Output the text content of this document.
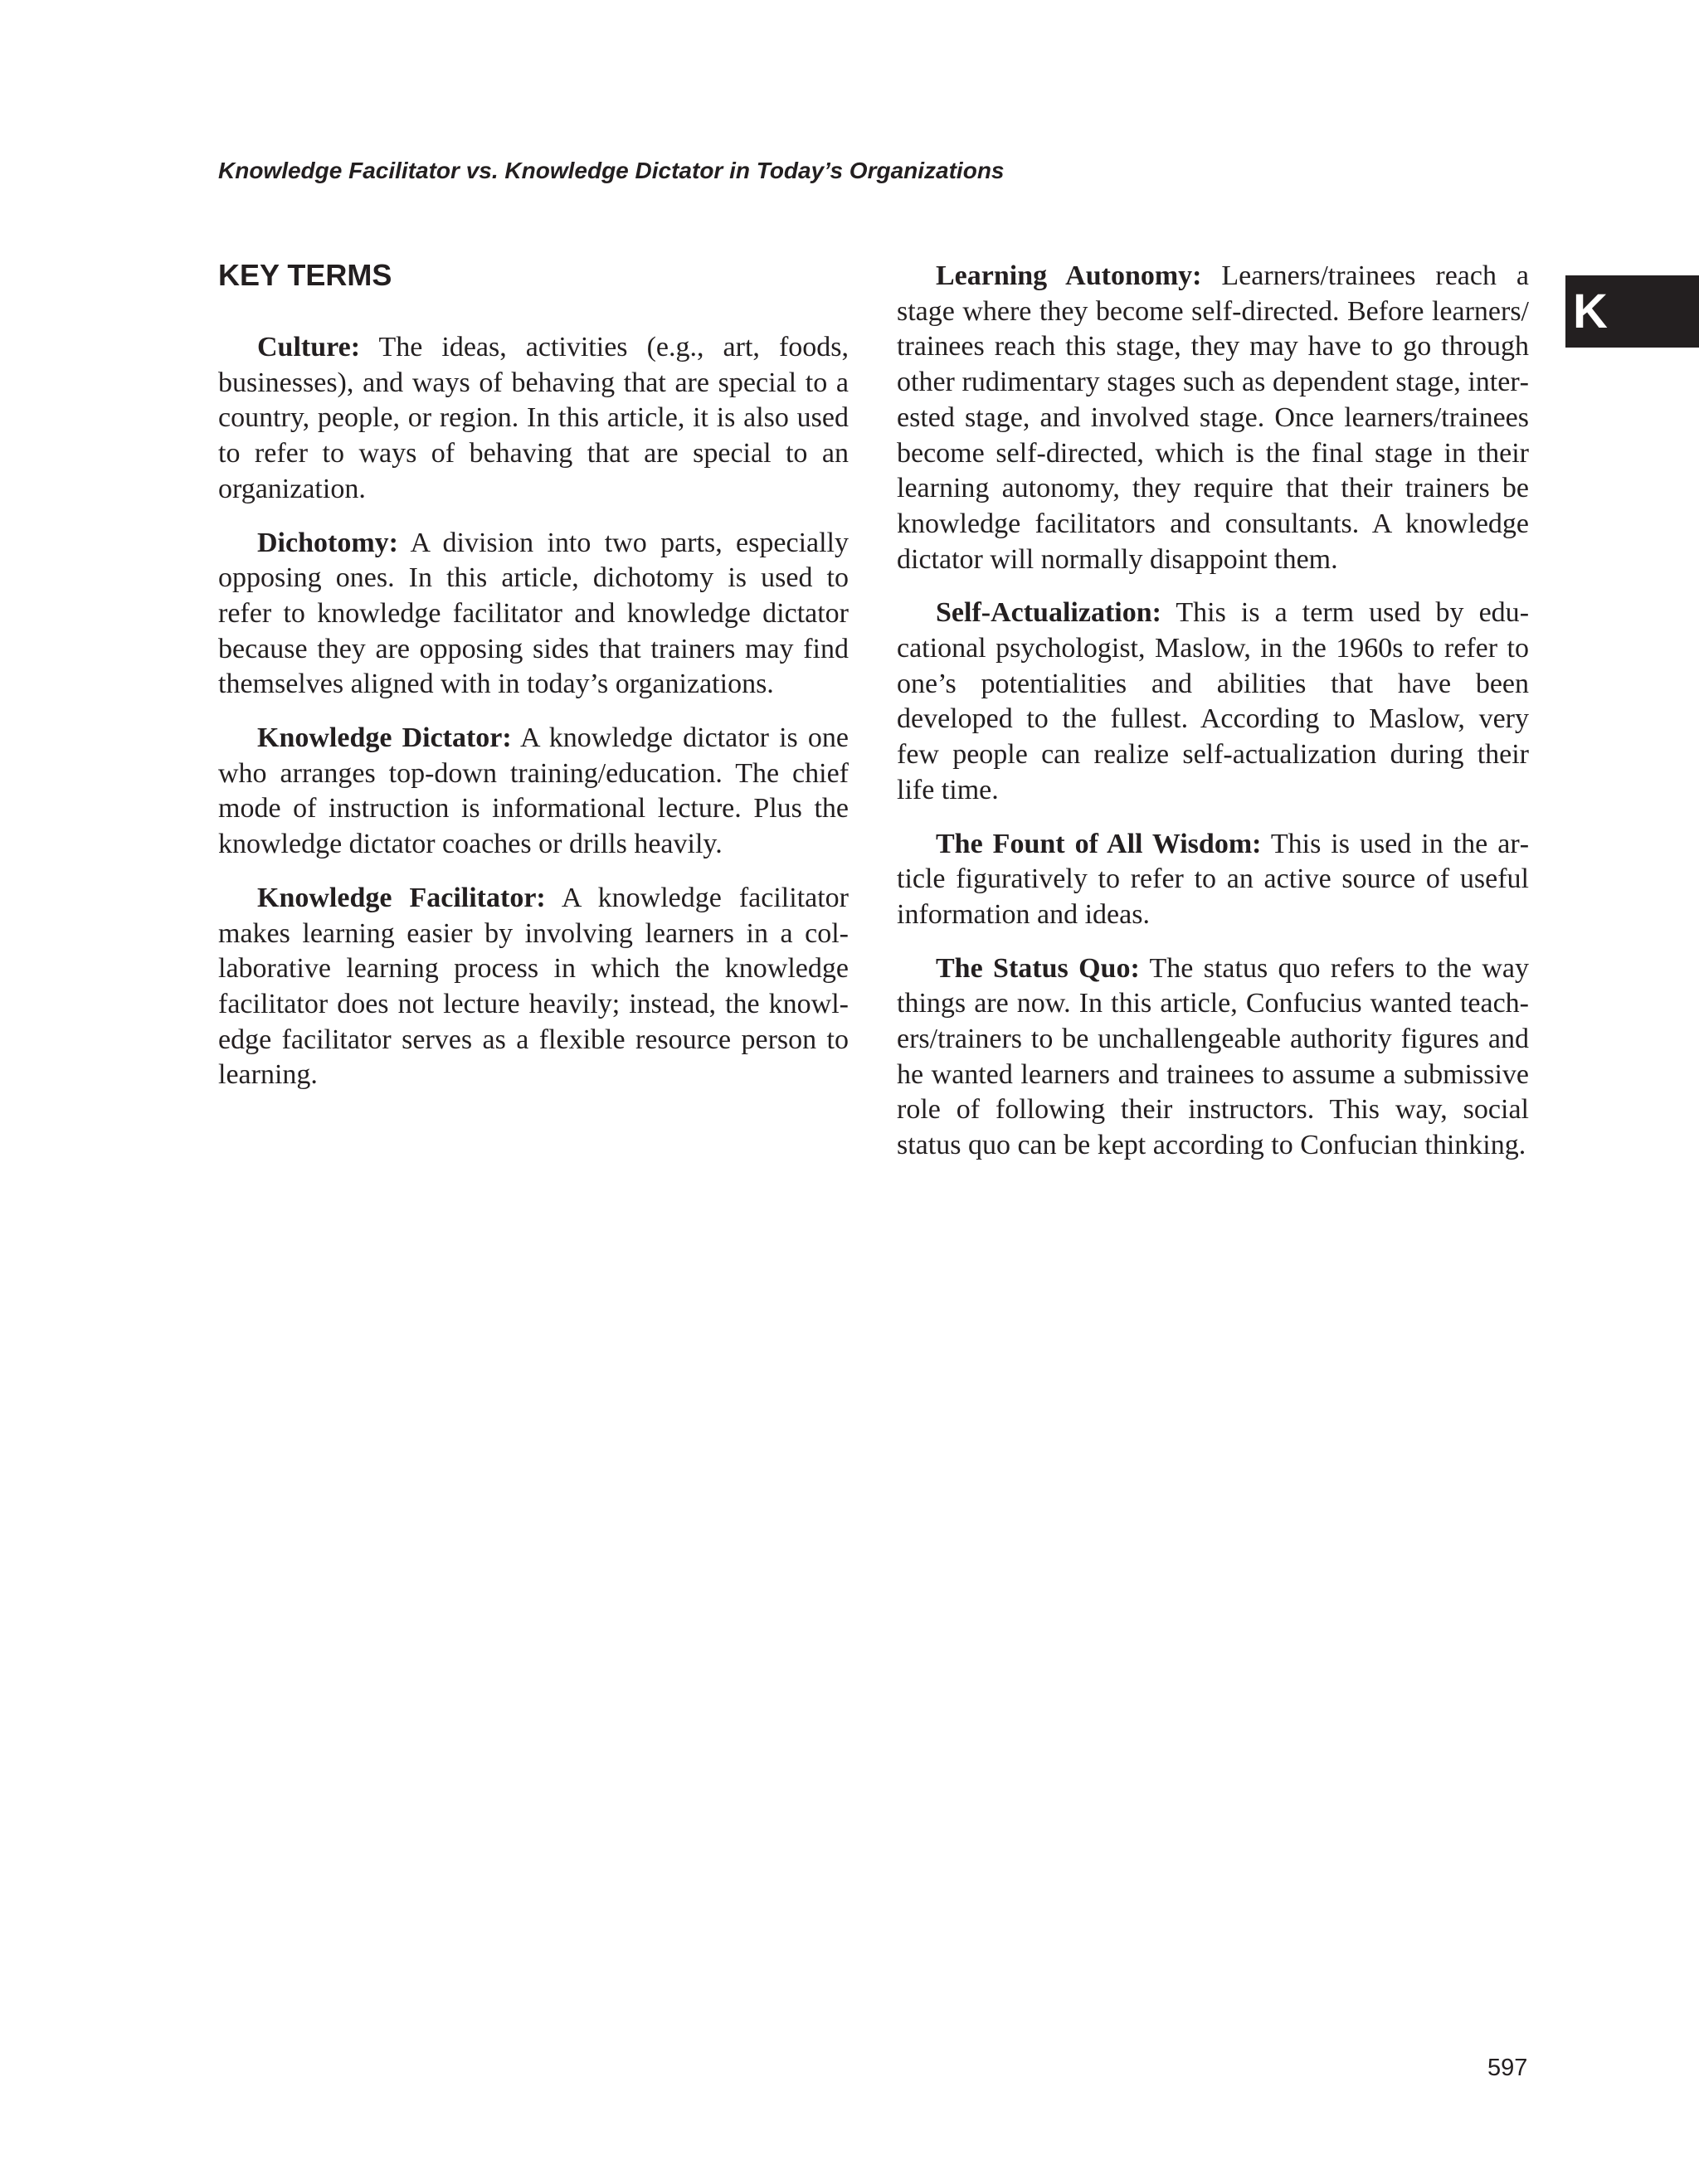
Knowledge Facilitator vs. Knowledge Dictator in Today’s Organizations
K
KEY TERMS

Culture: The ideas, activities (e.g., art, foods, businesses), and ways of behaving that are special to a country, people, or region. In this article, it is also used to refer to ways of behaving that are special to an organization.

Dichotomy: A division into two parts, especially opposing ones. In this article, dichotomy is used to refer to knowledge facilitator and knowledge dictator because they are opposing sides that trainers may find themselves aligned with in today’s organizations.

Knowledge Dictator: A knowledge dictator is one who arranges top-down training/education. The chief mode of instruction is informational lecture. Plus the knowledge dictator coaches or drills heavily.

Knowledge Facilitator: A knowledge facilitator makes learning easier by involving learners in a collaborative learning process in which the knowledge facilitator does not lecture heavily; instead, the knowledge facilitator serves as a flexible resource person to learning.

Learning Autonomy: Learners/trainees reach a stage where they become self-directed. Before learners/ trainees reach this stage, they may have to go through other rudimentary stages such as dependent stage, interested stage, and involved stage. Once learners/trainees become self-directed, which is the final stage in their learning autonomy, they require that their trainers be knowledge facilitators and consultants. A knowledge dictator will normally disappoint them.

Self-Actualization: This is a term used by educational psychologist, Maslow, in the 1960s to refer to one’s potentialities and abilities that have been developed to the fullest. According to Maslow, very few people can realize self-actualization during their life time.

The Fount of All Wisdom: This is used in the article figuratively to refer to an active source of useful information and ideas.

The Status Quo: The status quo refers to the way things are now. In this article, Confucius wanted teachers/trainers to be unchallengeable authority figures and he wanted learners and trainees to assume a submissive role of following their instructors. This way, social status quo can be kept according to Confucian thinking.

597
